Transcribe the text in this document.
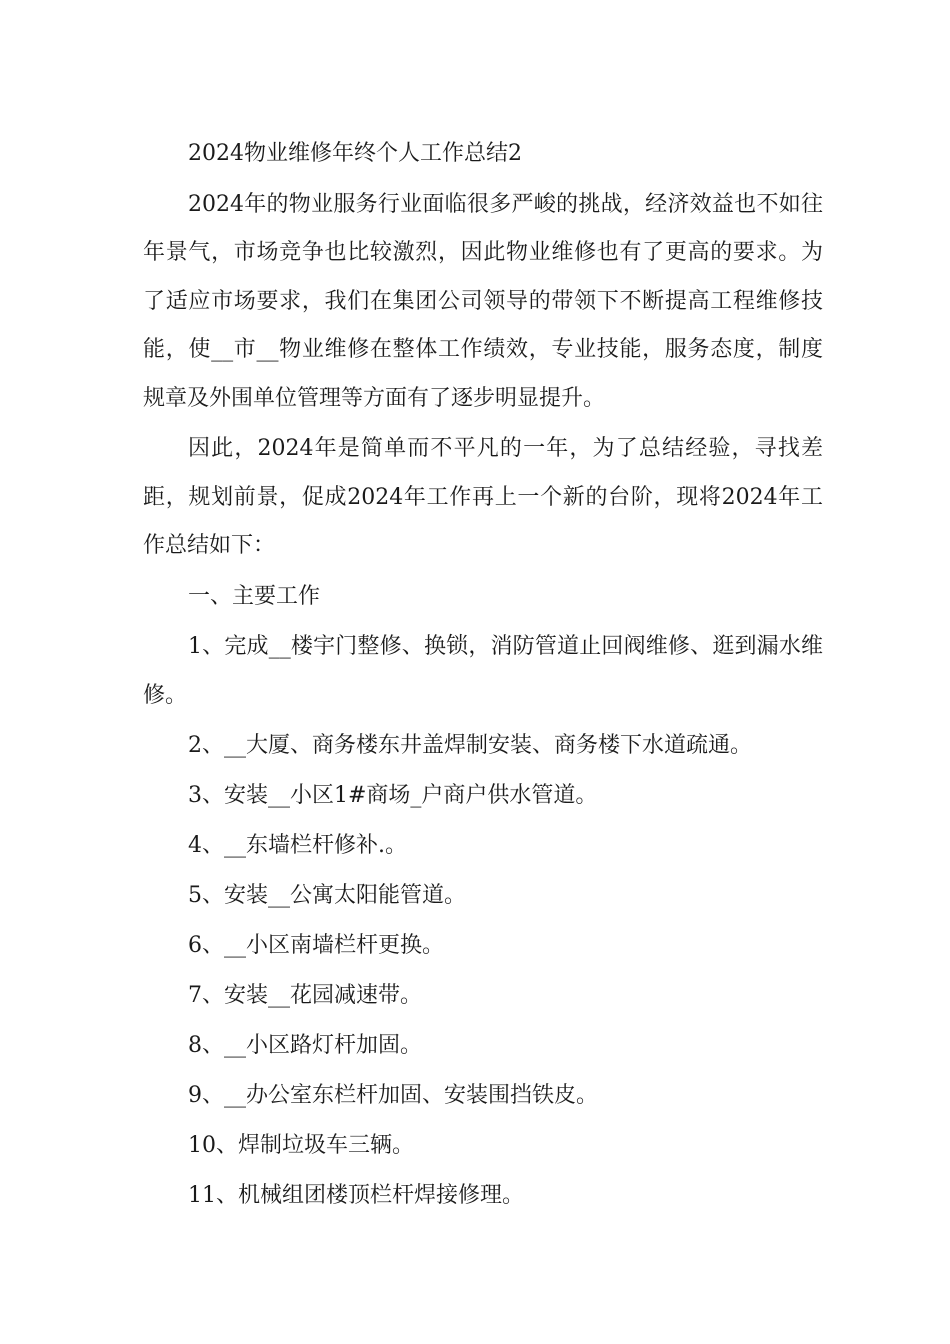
2024物业维修年终个人工作总结2

2024年的物业服务行业面临很多严峻的挑战，经济效益也不如往年景气，市场竞争也比较激烈，因此物业维修也有了更高的要求。为了适应市场要求，我们在集团公司领导的带领下不断提高工程维修技能，使__市__物业维修在整体工作绩效，专业技能，服务态度，制度规章及外围单位管理等方面有了逐步明显提升。

因此，2024年是简单而不平凡的一年，为了总结经验，寻找差距，规划前景，促成2024年工作再上一个新的台阶，现将2024年工作总结如下：

一、主要工作

1、完成__楼宇门整修、换锁，消防管道止回阀维修、逛到漏水维修。

2、__大厦、商务楼东井盖焊制安装、商务楼下水道疏通。

3、安装__小区1#商场_户商户供水管道。

4、__东墙栏杆修补.。

5、安装__公寓太阳能管道。

6、__小区南墙栏杆更换。

7、安装__花园减速带。

8、__小区路灯杆加固。

9、__办公室东栏杆加固、安装围挡铁皮。

10、焊制垃圾车三辆。

11、机械组团楼顶栏杆焊接修理。
